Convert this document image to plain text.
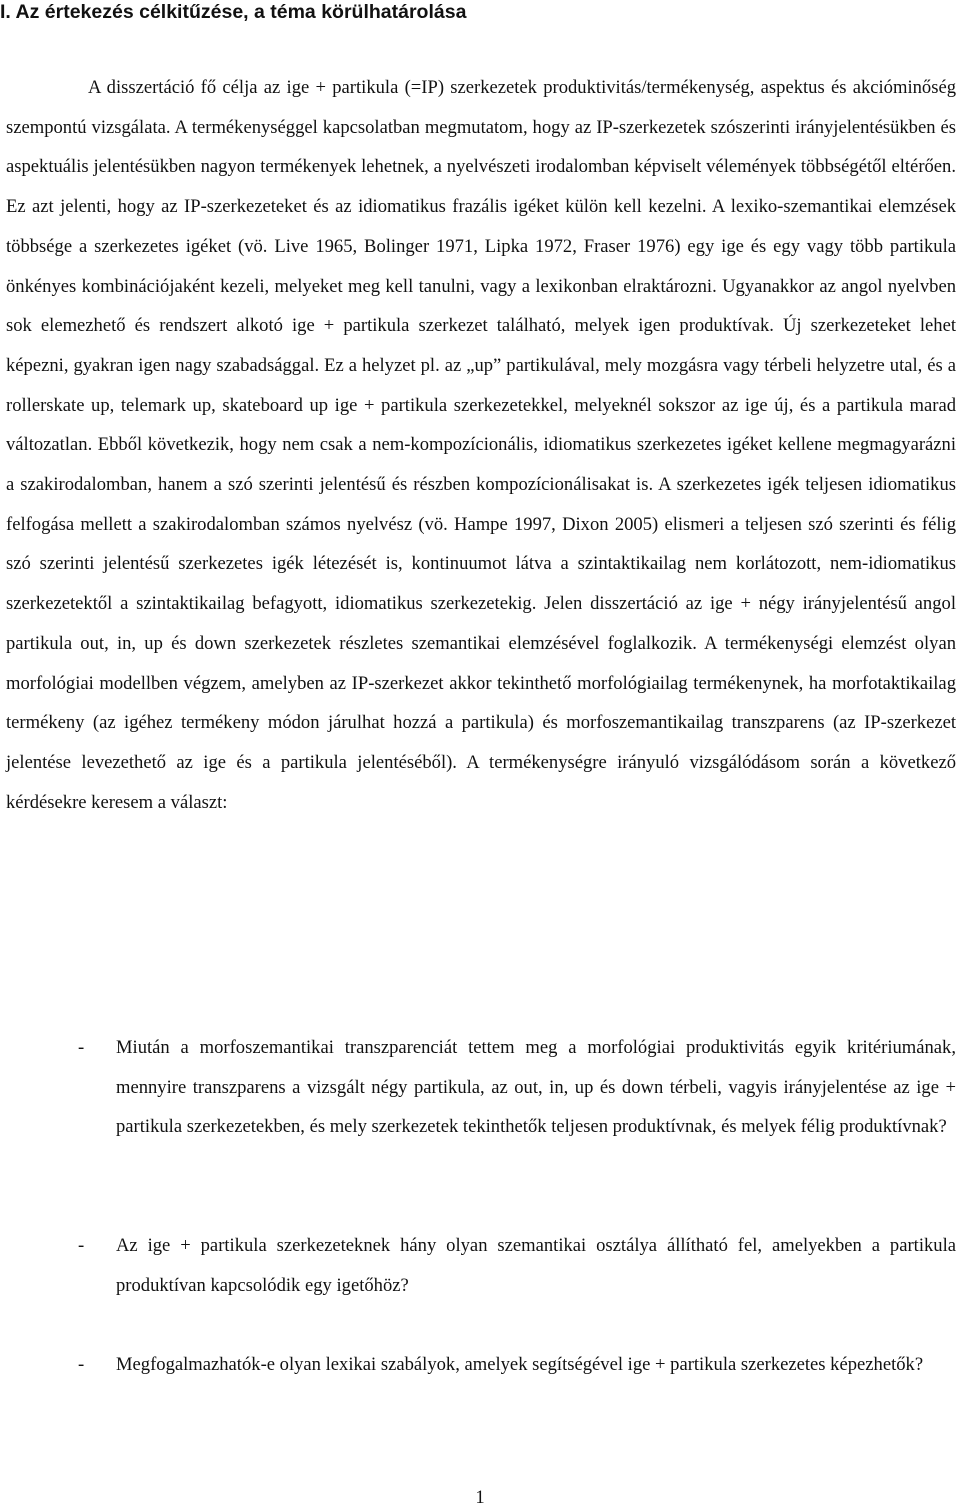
I. Az értekezés célkitűzése, a téma körülhatárolása

A disszertáció fő célja az ige + partikula (=IP) szerkezetek produktivitás/termékenység, aspektus és akcióminőség szempontú vizsgálata. A termékenységgel kapcsolatban megmutatom, hogy az IP-szerkezetek szószerinti irányjelentésükben és aspektuális jelentésükben nagyon termékenyek lehetnek, a nyelvészeti irodalomban képviselt vélemények többségétől eltérően. Ez azt jelenti, hogy az IP-szerkezeteket és az idiomatikus frazális igéket külön kell kezelni. A lexiko-szemantikai elemzések többsége a szerkezetes igéket (vö. Live 1965, Bolinger 1971, Lipka 1972, Fraser 1976) egy ige és egy vagy több partikula önkényes kombinációjaként kezeli, melyeket meg kell tanulni, vagy a lexikonban elraktározni. Ugyanakkor az angol nyelvben sok elemezhető és rendszert alkotó ige + partikula szerkezet található, melyek igen produktívak. Új szerkezeteket lehet képezni, gyakran igen nagy szabadsággal. Ez a helyzet pl. az „up” partikulával, mely mozgásra vagy térbeli helyzetre utal, és a rollerskate up, telemark up, skateboard up ige + partikula szerkezetekkel, melyeknél sokszor az ige új, és a partikula marad változatlan. Ebből következik, hogy nem csak a nem-kompozícionális, idiomatikus szerkezetes igéket kellene megmagyarázni a szakirodalomban, hanem a szó szerinti jelentésű és részben kompozícionálisakat is. A szerkezetes igék teljesen idiomatikus felfogása mellett a szakirodalomban számos nyelvész (vö. Hampe 1997, Dixon 2005) elismeri a teljesen szó szerinti és félig szó szerinti jelentésű szerkezetes igék létezését is, kontinuumot látva a szintaktikailag nem korlátozott, nem-idiomatikus szerkezetektől a szintaktikailag befagyott, idiomatikus szerkezetekig. Jelen disszertáció az ige + négy irányjelentésű angol partikula out, in, up és down szerkezetek részletes szemantikai elemzésével foglalkozik. A termékenységi elemzést olyan morfológiai modellben végzem, amelyben az IP-szerkezet akkor tekinthető morfológiailag termékenynek, ha morfotaktikailag termékeny (az igéhez termékeny módon járulhat hozzá a partikula) és morfoszemantikailag transzparens (az IP-szerkezet jelentése levezethető az ige és a partikula jelentéséből). A termékenységre irányuló vizsgálódásom során a következő kérdésekre keresem a választ:

- Miután a morfoszemantikai transzparenciát tettem meg a morfológiai produktivitás egyik kritériumának, mennyire transzparens a vizsgált négy partikula, az out, in, up és down térbeli, vagyis irányjelentése az ige + partikula szerkezetekben, és mely szerkezetek tekinthetők teljesen produktívnak, és melyek félig produktívnak?
- Az ige + partikula szerkezeteknek hány olyan szemantikai osztálya állítható fel, amelyekben a partikula produktívan kapcsolódik egy igetőhöz?
- Megfogalmazhatók-e olyan lexikai szabályok, amelyek segítségével ige + partikula szerkezetes képezhetők?
1
